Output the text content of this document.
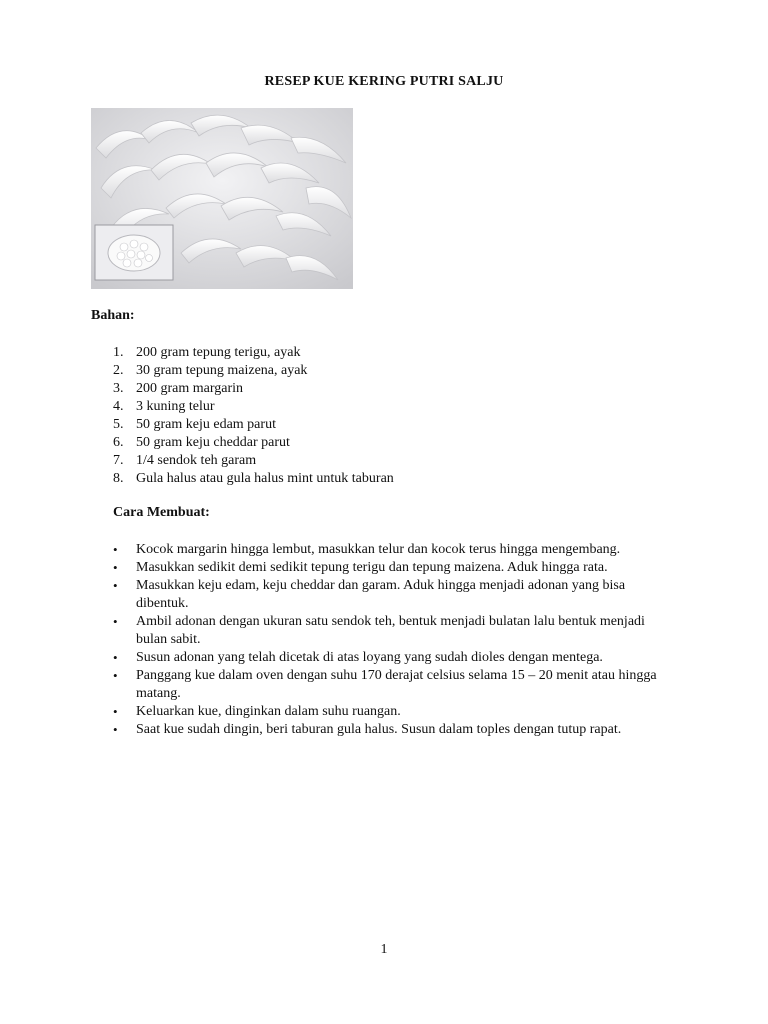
RESEP KUE KERING PUTRI SALJU
Bahan:
1. 200 gram tepung terigu, ayak
2. 30 gram tepung maizena, ayak
3. 200 gram margarin
4. 3 kuning telur
5. 50 gram keju edam parut
6. 50 gram keju cheddar parut
7. 1/4 sendok teh garam
8. Gula halus atau gula halus mint untuk taburan
Cara Membuat:
• Kocok margarin hingga lembut, masukkan telur dan kocok terus hingga mengembang.
• Masukkan sedikit demi sedikit tepung terigu dan tepung maizena. Aduk hingga rata.
• Masukkan keju edam, keju cheddar dan garam. Aduk hingga menjadi adonan yang bisa dibentuk.
• Ambil adonan dengan ukuran satu sendok teh, bentuk menjadi bulatan lalu bentuk menjadi bulan sabit.
• Susun adonan yang telah dicetak di atas loyang yang sudah dioles dengan mentega.
• Panggang kue dalam oven dengan suhu 170 derajat celsius selama 15 – 20 menit atau hingga matang.
• Keluarkan kue, dinginkan dalam suhu ruangan.
• Saat kue sudah dingin, beri taburan gula halus. Susun dalam toples dengan tutup rapat.
1
